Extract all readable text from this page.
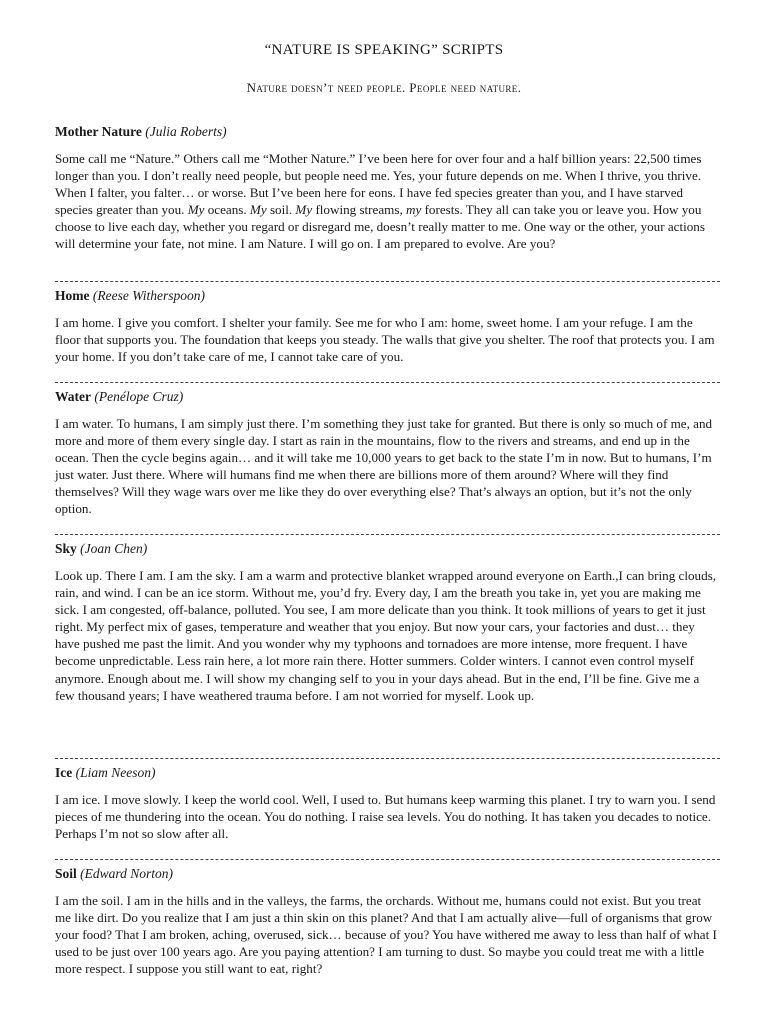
“NATURE IS SPEAKING” SCRIPTS
Nature doesn’t need people. People need nature.
Mother Nature (Julia Roberts)

Some call me “Nature.” Others call me “Mother Nature.” I’ve been here for over four and a half billion years: 22,500 times longer than you. I don’t really need people, but people need me. Yes, your future depends on me. When I thrive, you thrive. When I falter, you falter… or worse. But I’ve been here for eons. I have fed species greater than you, and I have starved species greater than you. My oceans. My soil. My flowing streams, my forests. They all can take you or leave you. How you choose to live each day, whether you regard or disregard me, doesn’t really matter to me. One way or the other, your actions will determine your fate, not mine. I am Nature. I will go on. I am prepared to evolve. Are you?

Home (Reese Witherspoon)

I am home. I give you comfort. I shelter your family. See me for who I am: home, sweet home. I am your refuge. I am the floor that supports you. The foundation that keeps you steady. The walls that give you shelter. The roof that protects you. I am your home. If you don’t take care of me, I cannot take care of you.

Water (Penélope Cruz)

I am water. To humans, I am simply just there. I’m something they just take for granted. But there is only so much of me, and more and more of them every single day. I start as rain in the mountains, flow to the rivers and streams, and end up in the ocean. Then the cycle begins again… and it will take me 10,000 years to get back to the state I’m in now. But to humans, I’m just water. Just there. Where will humans find me when there are billions more of them around? Where will they find themselves? Will they wage wars over me like they do over everything else? That’s always an option, but it’s not the only option.

Sky (Joan Chen)

Look up. There I am. I am the sky. I am a warm and protective blanket wrapped around everyone on Earth.,I can bring clouds, rain, and wind. I can be an ice storm. Without me, you’d fry. Every day, I am the breath you take in, yet you are making me sick. I am congested, off-balance, polluted. You see, I am more delicate than you think. It took millions of years to get it just right. My perfect mix of gases, temperature and weather that you enjoy. But now your cars, your factories and dust… they have pushed me past the limit. And you wonder why my typhoons and tornadoes are more intense, more frequent. I have become unpredictable. Less rain here, a lot more rain there. Hotter summers. Colder winters. I cannot even control myself anymore. Enough about me. I will show my changing self to you in your days ahead. But in the end, I’ll be fine. Give me a few thousand years; I have weathered trauma before. I am not worried for myself. Look up.

Ice (Liam Neeson)

I am ice. I move slowly. I keep the world cool. Well, I used to. But humans keep warming this planet. I try to warn you. I send pieces of me thundering into the ocean. You do nothing. I raise sea levels. You do nothing. It has taken you decades to notice. Perhaps I’m not so slow after all.

Soil (Edward Norton)

I am the soil. I am in the hills and in the valleys, the farms, the orchards. Without me, humans could not exist. But you treat me like dirt. Do you realize that I am just a thin skin on this planet? And that I am actually alive—full of organisms that grow your food? That I am broken, aching, overused, sick… because of you? You have withered me away to less than half of what I used to be just over 100 years ago. Are you paying attention? I am turning to dust. So maybe you could treat me with a little more respect. I suppose you still want to eat, right?
